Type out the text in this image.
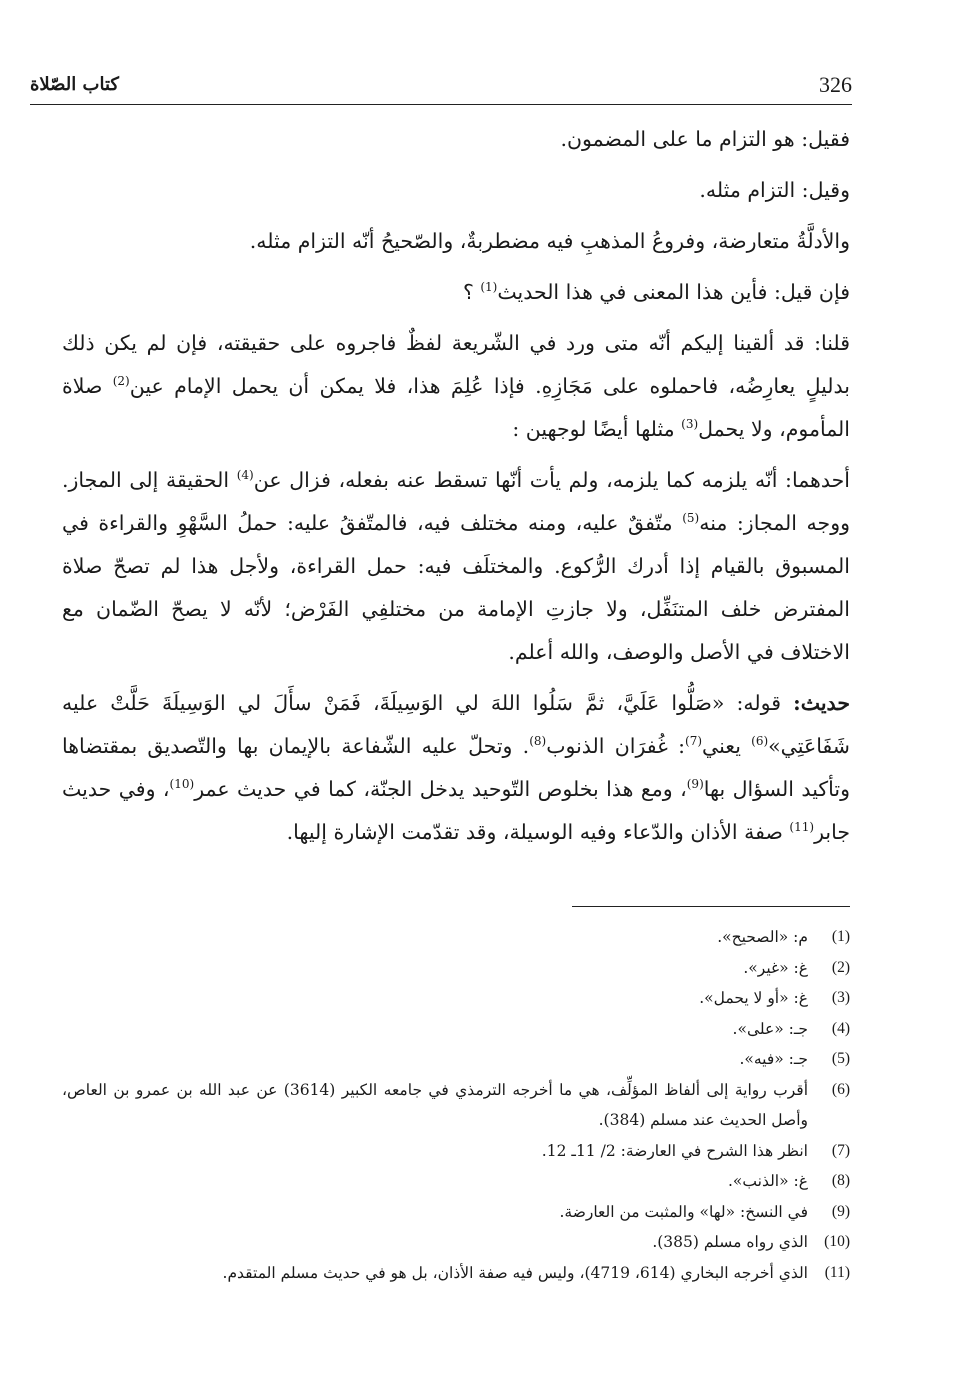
326
كتاب الصّلاة

فقيل: هو التزام ما على المضمون.

وقيل: التزام مثله.

والأدلَّةُ متعارضة، وفروعُ المذهبِ فيه مضطربةٌ، والصّحيحُ أنّه التزام مثله.

فإن قيل: فأين هذا المعنى في هذا الحديث$^{(1)}$ ؟

قلنا: قد ألقينا إليكم أنّه متى ورد في الشّريعة لفظٌ فاجروه على حقيقته، فإن لم يكن ذلك بدليلٍ يعارِضُه، فاحملوه على مَجَازِهِ. فإذا عُلِمَ هذا، فلا يمكن أن يحمل الإمام عين$^{(2)}$ صلاة المأموم، ولا يحمل$^{(3)}$ مثلها أيضًا لوجهين :

أحدهما: أنّه يلزمه كما يلزمه، ولم يأت أنّها تسقط عنه بفعله، فزال عن$^{(4)}$ الحقيقة إلى المجاز. ووجه المجاز: منه$^{(5)}$ متّفقٌ عليه، ومنه مختلف فيه، فالمتّفقُ عليه: حملُ السَّهْوِ والقراءة في المسبوق بالقيام إذا أدرك الرُّكوع. والمختلَف فيه: حمل القراءة، ولأجل هذا لم تصحّ صلاة المفترض خلف المتنَفِّل، ولا جازتِ الإمامة من مختلفِي الفَرْض؛ لأنّه لا يصحّ الضّمان مع الاختلاف في الأصل والوصف، والله أعلم.

حديث: قوله: «صَلُّوا عَلَيَّ، ثمَّ سَلُوا اللهَ لي الوَسِيلَةَ، فَمَنْ سأَلَ لي الوَسِيلَةَ حَلَّتْ عليه شَفَاعَتِي»$^{(6)}$ يعني$^{(7)}$: غُفرَان الذنوب$^{(8)}$. وتحلّ عليه الشّفاعة بالإيمان بها والتّصديق بمقتضاها وتأكيد السؤال بها$^{(9)}$، ومع هذا بخلوص التّوحيد يدخل الجنّة، كما في حديث عمر$^{(10)}$، وفي حديث جابر$^{(11)}$ صفة الأذان والدّعاء وفيه الوسيلة، وقد تقدّمت الإشارة إليها.

(1)
م: «الصحيح».
(2)
غ: «غير».
(3)
غ: «أو لا يحمل».
(4)
جـ: «على».
(5)
جـ: «فيه».
(6)
أقرب رواية إلى ألفاظ المؤلِّف، هي ما أخرجه الترمذي في جامعه الكبير (3614) عن عبد الله بن عمرو بن العاص، وأصل الحديث عند مسلم (384).
(7)
انظر هذا الشرح في العارضة: 2/ 11ـ 12.
(8)
غ: «الذنب».
(9)
في النسخ: «لها» والمثبت من العارضة.
(10)
الذي رواه مسلم (385).
(11)
الذي أخرجه البخاري (614، 4719)، وليس فيه صفة الأذان، بل هو في حديث مسلم المتقدم.
